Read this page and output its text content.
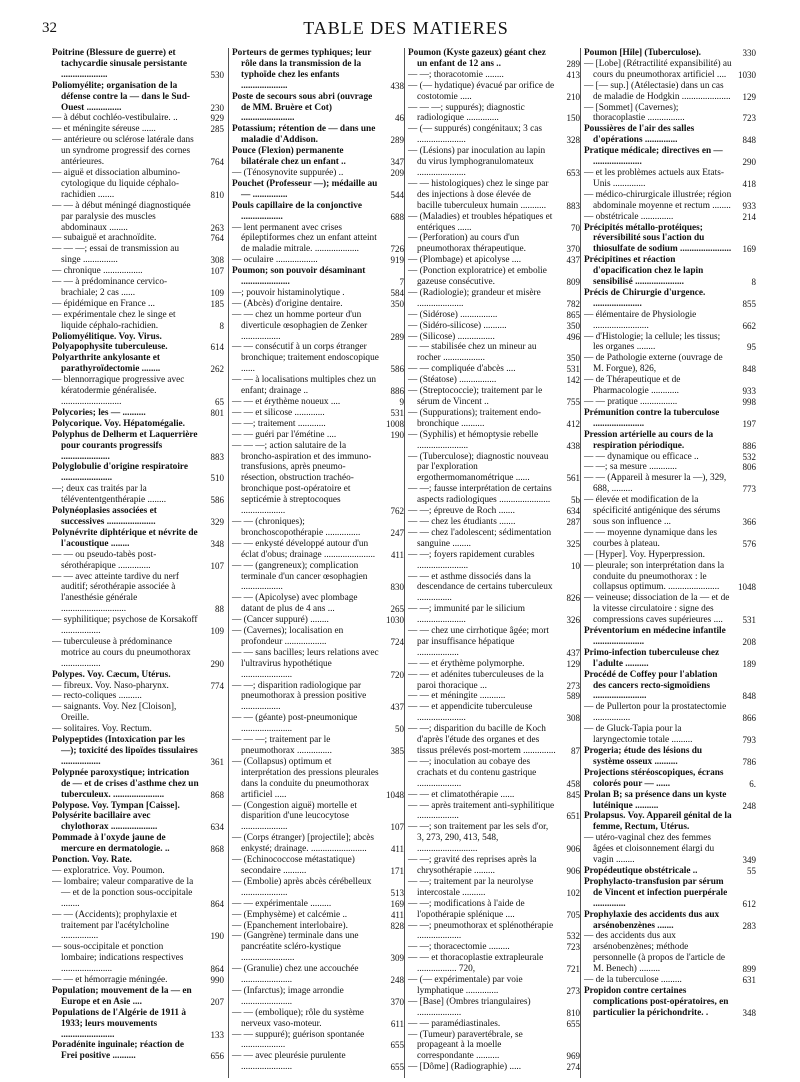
32	TABLE DES MATIERES

Poitrine (Blessure de guerre) et tachycardie sinusale persistante ....................	530

Poliomyélite; organisation de la défense contre la — dans le Sud-Ouest ...............	230

— à début cochléo-vestibulaire. ..	929

— et méningite séreuse ......	285

— antérieure ou sclérose latérale dans un syndrome progressif des cornes antérieures.	764

— aiguë et dissociation albumino-cytologique du liquide céphalo-rachidien .......	810

— — à début méningé diagnostiquée par paralysie des muscles abdominaux ........	263

— subaiguë et arachnoïdite.	764

— — —; essai de transmission au singe ...............	308

— chronique .................	107

— — à prédominance cervico-brachiale; 2 cas ......	109

— épidémique en France ...	185

— expérimentale chez le singe et liquide céphalo-rachidien.	8

Poliomyélitique. Voy. Virus.

Polyapophysite tuberculeuse.	614

Polyarthrite ankylosante et parathyroïdectomie ........	262

— blennorragique progressive avec kératodermie généralisée. ..........................	65

Polycories; les — ..........	801

Polycorique. Voy. Hépatomégalie.

Polyphus de Delherm et Laquerrière pour courants progressifs .....................	883

Polyglobulie d'origine respiratoire ......................	510

—; deux cas traités par la télévententgenthérapie ........	586

Polynéoplasies associées et successives .....................	329

Polynévrite diphtérique et névrite de l'acoustique ........	348

— — ou pseudo-tabès post-sérothérapique ..............	107

— — avec atteinte tardive du nerf auditif; sérothérapie associée à l'anesthésie générale ............................	88

— syphilitique; psychose de Korsakoff .................	109

— tuberculeuse à prédominance motrice au cours du pneumothorax .................	290

Polypes. Voy. Cæcum, Utérus.

— fibreux. Voy. Naso-pharynx.	774

— recto-coliques ..........

— saignants. Voy. Nez [Cloison], Oreille.

— solitaires. Voy. Rectum.

Polypeptides (Intoxication par les —); toxicité des lipoïdes tissulaires .................	361

Polypnée paroxystique; intrication de — et de crises d'asthme chez un tuberculeux. ......................	868

Polypose. Voy. Tympan [Caisse].

Polysérite bacillaire avec chylothorax ....................	634

Pommade à l'oxyde jaune de mercure en dermatologie. ..	868

Ponction. Voy. Rate.

— exploratrice. Voy. Poumon.

— lombaire; valeur comparative de la — et de la ponction sous-occipitale ........	864

— — (Accidents); prophylaxie et traitement par l'acétylcholine ................	190

— sous-occipitale et ponction lombaire; indications respectives ......................	864

— — et hémorragie méningée.	990

Population; mouvement de la — en Europe et en Asie ....	207

Populations de l'Algérie de 1911 à 1933; leurs mouvements .......................	133

Poradénite inguinale; réaction de Frei positive ..........	656

Porteurs de germes typhiques; leur rôle dans la transmission de la typhoïde chez les enfants ....................	438

Poste de secours sous abri (ouvrage de MM. Bruère et Cot) .......................	46

Potassium; rétention de — dans une maladie d'Addison.	289

Pouce (Flexion) permanente bilatérale chez un enfant ..	347

— (Ténosynovite suppurée) ..	209

Pouchet (Professeur —); médaille au — ...............	544

Pouls capillaire de la conjonctive ..................	688

— lent permanent avec crises épileptiformes chez un enfant atteint de maladie mitrale. ...................	726

— oculaire ..................	919

Poumon; son pouvoir désaminant .....................	7

—; pouvoir histaminolytique .	584

— (Abcès) d'origine dentaire.	350

— — chez un homme porteur d'un diverticule œsophagien de Zenker .................	289

— — consécutif à un corps étranger bronchique; traitement endoscopique ......	586

— — à localisations multiples chez un enfant; drainage ..	886

— — et érythème noueux ....	9

— — et silicose .............	531

— —; traitement ............	1008

— — guéri par l'émétine ....	190

— — —; action salutaire de la broncho-aspiration et des immuno-transfusions, après pneumo-résection, obstruction trachéo-bronchique post-opératoire et septicémie à streptocoques ...................	762

— — (chroniques); bronchoscopothérapie ...............	247

— — enkysté développé autour d'un éclat d'obus; drainage ...................... 411

— — (gangreneux); complication terminale d'un cancer œsophagien ..................	830

— — (Apicolyse) avec plombage datant de plus de 4 ans ...	265

— (Cancer suppuré) ........	1030

— (Cavernes); localisation en profondeur ..................	724

— — sans bacilles; leurs relations avec l'ultravirus hypothétique ......................	720

— —; disparition radiologique par pneumothorax à pression positive .................	437

— — (géante) post-pneumonique ......................	50

— — —; traitement par le pneumothorax ...............	385

— (Collapsus) optimum et interprétation des pressions pleurales dans la conduite du pneumothorax artificiel .....	1048

— (Congestion aiguë) mortelle et disparition d'une leucocytose ....................	107

— (Corps étranger) [projectile]; abcès enkysté; drainage. ........................	411

— (Echinococcose métastatique) secondaire ..........	171

— (Embolie) après abcès cérébelleux ....................	513

— — expérimentale .........	169

— (Emphysème) et calcémie ..	411

— (Epanchement interlobaire).	828

— (Gangrène) terminale dans une pancréatite scléro-kystique .......................	309

— (Granulie) chez une accouchée ......................	248

— (Infarctus); image arrondie ......................	370

— — (embolique); rôle du système nerveux vaso-moteur.	611

— — suppuré); guérison spontanée ...................	655

— — avec pleurésie purulente ......................	655

Poumon (Kyste gazeux) géant chez un enfant de 12 ans ..	289

— —; thoracotomie ........	413

— (— hydatique) évacué par orifice de costotomie .....	210

— — —; suppurés); diagnostic radiologique ..............	150

— (— suppurés) congénitaux; 3 cas .....................	328

— (Lésions) par inoculation au lapin du virus lymphogranulomateux .....................	653

— — histologiques) chez le singe par des injections à dose élevée de bacille tuberculeux humain ........... 883

— (Maladies) et troubles hépatiques et entériques ......	70

— (Perforation) au cours d'un pneumothorax thérapeutique.	370

— (Plombage) et apicolyse ....	437

— (Ponction exploratrice) et embolie gazeuse consécutive.	809

— (Radiologie); grandeur et misère ....................	782

— (Sidérose) ................	865

— (Sidéro-silicose) ..........	350

— (Silicose) ................	496

— — stabilisée chez un mineur au rocher ..................	350

— — compliquée d'abcès ....	531

— (Stéatose) ................	142

— (Streptococcie); traitement par le sérum de Vincent ..	755

— (Suppurations); traitement endo-bronchique ..........	412

— (Syphilis) et hémoptysie rebelle ......................	438

— (Tuberculose); diagnostic nouveau par l'exploration ergothermomanométrique ......	561

— —; fausse interprétation de certains aspects radiologiques ...................... 5b

— —; épreuve de Roch .......	634

— — chez les étudiants .......	287

— — chez l'adolescent; sédimentation sanguine ........	325

— —; foyers rapidement curables ......................	10

— — et asthme dissociés dans la descendance de certains tuberculeux ...............	826

— —; immunité par le silicium .....................	326

— — chez une cirrhotique âgée; mort par insuffisance hépatique ..................	437

— — et érythème polymorphe.	129

— — et adénites tuberculeuses de la paroi thoracique ...	273

— — et méningite ...........	589

— — et appendicite tuberculeuse .....................	308

— —; disparition du bacille de Koch d'après l'étude des organes et des tissus prélevés post-mortem .............. 87

— —; inoculation au cobaye des crachats et du contenu gastrique ...................	458

— — et climatothérapie ......	845

— — après traitement anti-syphilitique ..................	651

— —; son traitement par les sels d'or, 3, 273, 290, 413, 548, ..........................	906

— —; gravité des reprises après la chrysothérapie .........	906

— —; traitement par la neurolyse intercostale ..........	102

— —; modifications à l'aide de l'opothérapie splénique ....	705

— —; pneumothorax et splénothérapie ...................	532

— —; thoracectomie .........	723

— — et thoracoplastie extrapleurale ................. 720,	721

— (— expérimentale) par voie lymphatique ..............	273

— [Base] (Ombres triangulaires) ...................	810

— — paramédiastinales.	655

— (Tumeur) paravertébrale, se propageant à la moelle correspondante ..........	969

— [Dôme] (Radiographie) .....	274

Poumon [Hile] (Tuberculose).	330

— [Lobe] (Rétractilité expansibilité) au cours du pneumothorax artificiel .... 1030

— [— sup.] (Atélectasie) dans un cas de maladie de Hodgkin ..................... 129

— [Sommet] (Cavernes); thoracoplastie ................	723

Poussières de l'air des salles d'opérations ..............	848

Pratique médicale; directives en — .....................	290

— et les problèmes actuels aux Etats-Unis ..............	418

— médico-chirurgicale illustrée; région abdominale moyenne et rectum ........ 933

— obstétricale ..............	214

Précipités métallo-protéiques; réversibilité sous l'action du thiosulfate de sodium ...................... 169

Précipitines et réaction d'opacification chez le lapin sensibilisé .....................	8

Précis de Chirurgie d'urgence. .....................	855

— élémentaire de Physiologie ........................	662

— d'Histologie; la cellule; les tissus; les organes ........	95

— de Pathologie externe (ouvrage de M. Forgue), 826,	848

— de Thérapeutique et de Pharmacologie ............	933

— — pratique ................	998

Prémunition contre la tuberculose ......................	197

Pression artérielle au cours de la respiration périodique.	886

— — dynamique ou efficace ..	532

— —; sa mesure ............	806

— — (Appareil à mesurer la —), 329, 688, .........	773

— élevée et modification de la spécificité antigénique des sérums sous son influence ...	366

— — moyenne dynamique dans les courbes à plateau.	576

— [Hyper]. Voy. Hyperpression.

— pleurale; son interprétation dans la conduite du pneumothorax : le collapsus optimum. ...................... 1048

— veineuse; dissociation de la — et de la vitesse circulatoire : signe des compressions caves supérieures .... 531

Préventorium en médecine infantile ......................	208

Primo-infection tuberculeuse chez l'adulte ..........	189

Procédé de Coffey pour l'ablation des cancers recto-sigmoïdiens .......................	848

— de Pullerton pour la prostatectomie ................	866

— de Gluck-Tapia pour la laryngectomie totale .........	793

Progeria; étude des lésions du système osseux ..........	786

Projections stéréoscopiques, écrans colorés pour — ......	6.

Prolan B; sa présence dans un kyste lutéinique ..........	248

Prolapsus. Voy. Appareil génital de la femme, Rectum, Utérus.

— utéro-vaginal chez des femmes âgées et cloisonnement élargi du vagin ........	349

Propédeutique obstétricale ..	55

Prophylacto-transfusion par sérum de Vincent et infection puerpérale ..............	612

Prophylaxie des accidents dus aux arsénobenzènes .......	283

— des accidents dus aux arsénobenzènes; méthode personnelle (à propos de l'article de M. Benech) .........	899

— de la tuberculose .........	631

Propidon contre certaines complications post-opératoires, en particulier la périchondrite. .	348
